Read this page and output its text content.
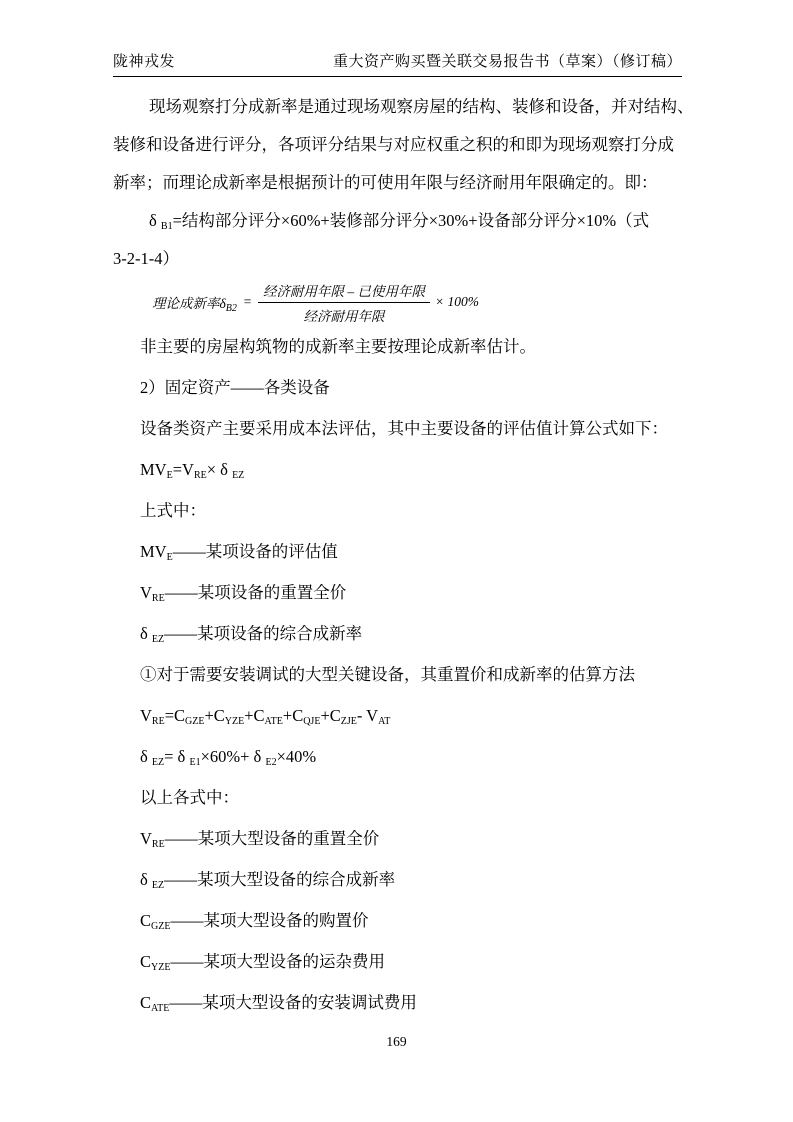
陇神戎发	重大资产购买暨关联交易报告书（草案）（修订稿）
现场观察打分成新率是通过现场观察房屋的结构、装修和设备，并对结构、
装修和设备进行评分，各项评分结果与对应权重之积的和即为现场观察打分成
新率；而理论成新率是根据预计的可使用年限与经济耐用年限确定的。即：
δ $_{B1}$=结构部分评分×60%+装修部分评分×30%+设备部分评分×10%（式
3-2-1-4）
理论成新率$\delta_{B2} = \frac{\text{经济耐用年限 – 已使用年限}}{\text{经济耐用年限}} \times 100\%$
非主要的房屋构筑物的成新率主要按理论成新率估计。
2）固定资产——各类设备
设备类资产主要采用成本法评估，其中主要设备的评估值计算公式如下：
$MV_E=V_{RE}\times \delta$ $_{EZ}$
上式中：
$MV_E——$某项设备的评估值
$V_{RE}——$某项设备的重置全价
δ $_{EZ}$——某项设备的综合成新率
①对于需要安装调试的大型关键设备，其重置价和成新率的估算方法
$V_{RE}=C_{GZE}+C_{YZE}+C_{ATE}+C_{QJE}+C_{ZJE}-$ $V_{AT}$
δ $_{EZ}$= δ $_{E1}$×60%+ δ $_{E2}$×40%
以上各式中：
$V_{RE}——$某项大型设备的重置全价
δ $_{EZ}$——某项大型设备的综合成新率
$C_{GZE}——$某项大型设备的购置价
$C_{YZE}——$某项大型设备的运杂费用
$C_{ATE}——$某项大型设备的安装调试费用
169
